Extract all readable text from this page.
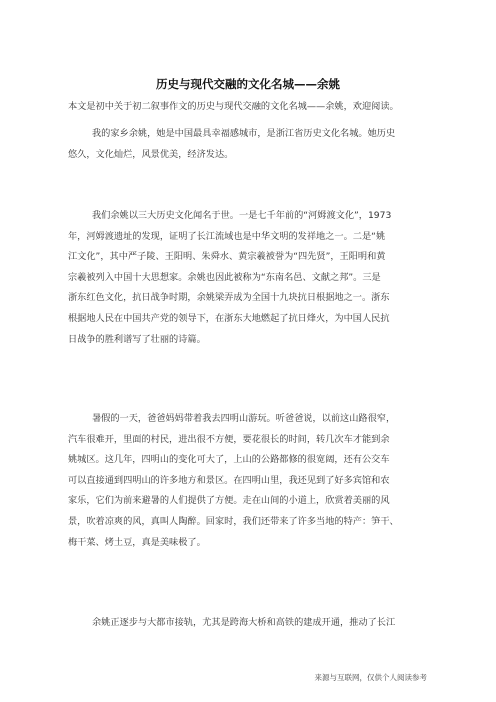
历史与现代交融的文化名城——余姚
本文是初中关于初二叙事作文的历史与现代交融的文化名城——余姚，欢迎阅读。
我的家乡余姚，她是中国最具幸福感城市，是浙江省历史文化名城。她历史
悠久，文化灿烂，风景优美，经济发达。
我们余姚以三大历史文化闻名于世。一是七千年前的“河姆渡文化”，1973
年，河姆渡遗址的发现，证明了长江流域也是中华文明的发祥地之一。二是“姚
江文化”，其中严子陵、王阳明、朱舜水、黄宗羲被誉为“四先贤”，王阳明和黄
宗羲被列入中国十大思想家。余姚也因此被称为“东南名邑、文献之邦”。三是
浙东红色文化，抗日战争时期，余姚梁弄成为全国十九块抗日根据地之一。浙东
根据地人民在中国共产党的领导下，在浙东大地燃起了抗日烽火，为中国人民抗
日战争的胜利谱写了壮丽的诗篇。
暑假的一天，爸爸妈妈带着我去四明山游玩。听爸爸说，以前这山路很窄，
汽车很难开，里面的村民，进出很不方便，要花很长的时间，转几次车才能到余
姚城区。这几年，四明山的变化可大了，上山的公路都修的很宽阔，还有公交车
可以直接通到四明山的许多地方和景区。在四明山里，我还见到了好多宾馆和农
家乐，它们为前来避暑的人们提供了方便。走在山间的小道上，欣赏着美丽的风
景，吹着凉爽的风，真叫人陶醉。回家时，我们还带来了许多当地的特产：笋干、
梅干菜、烤土豆，真是美味极了。
余姚正逐步与大都市接轨，尤其是跨海大桥和高铁的建成开通，推动了长江
来源与互联网，仅供个人阅读参考
